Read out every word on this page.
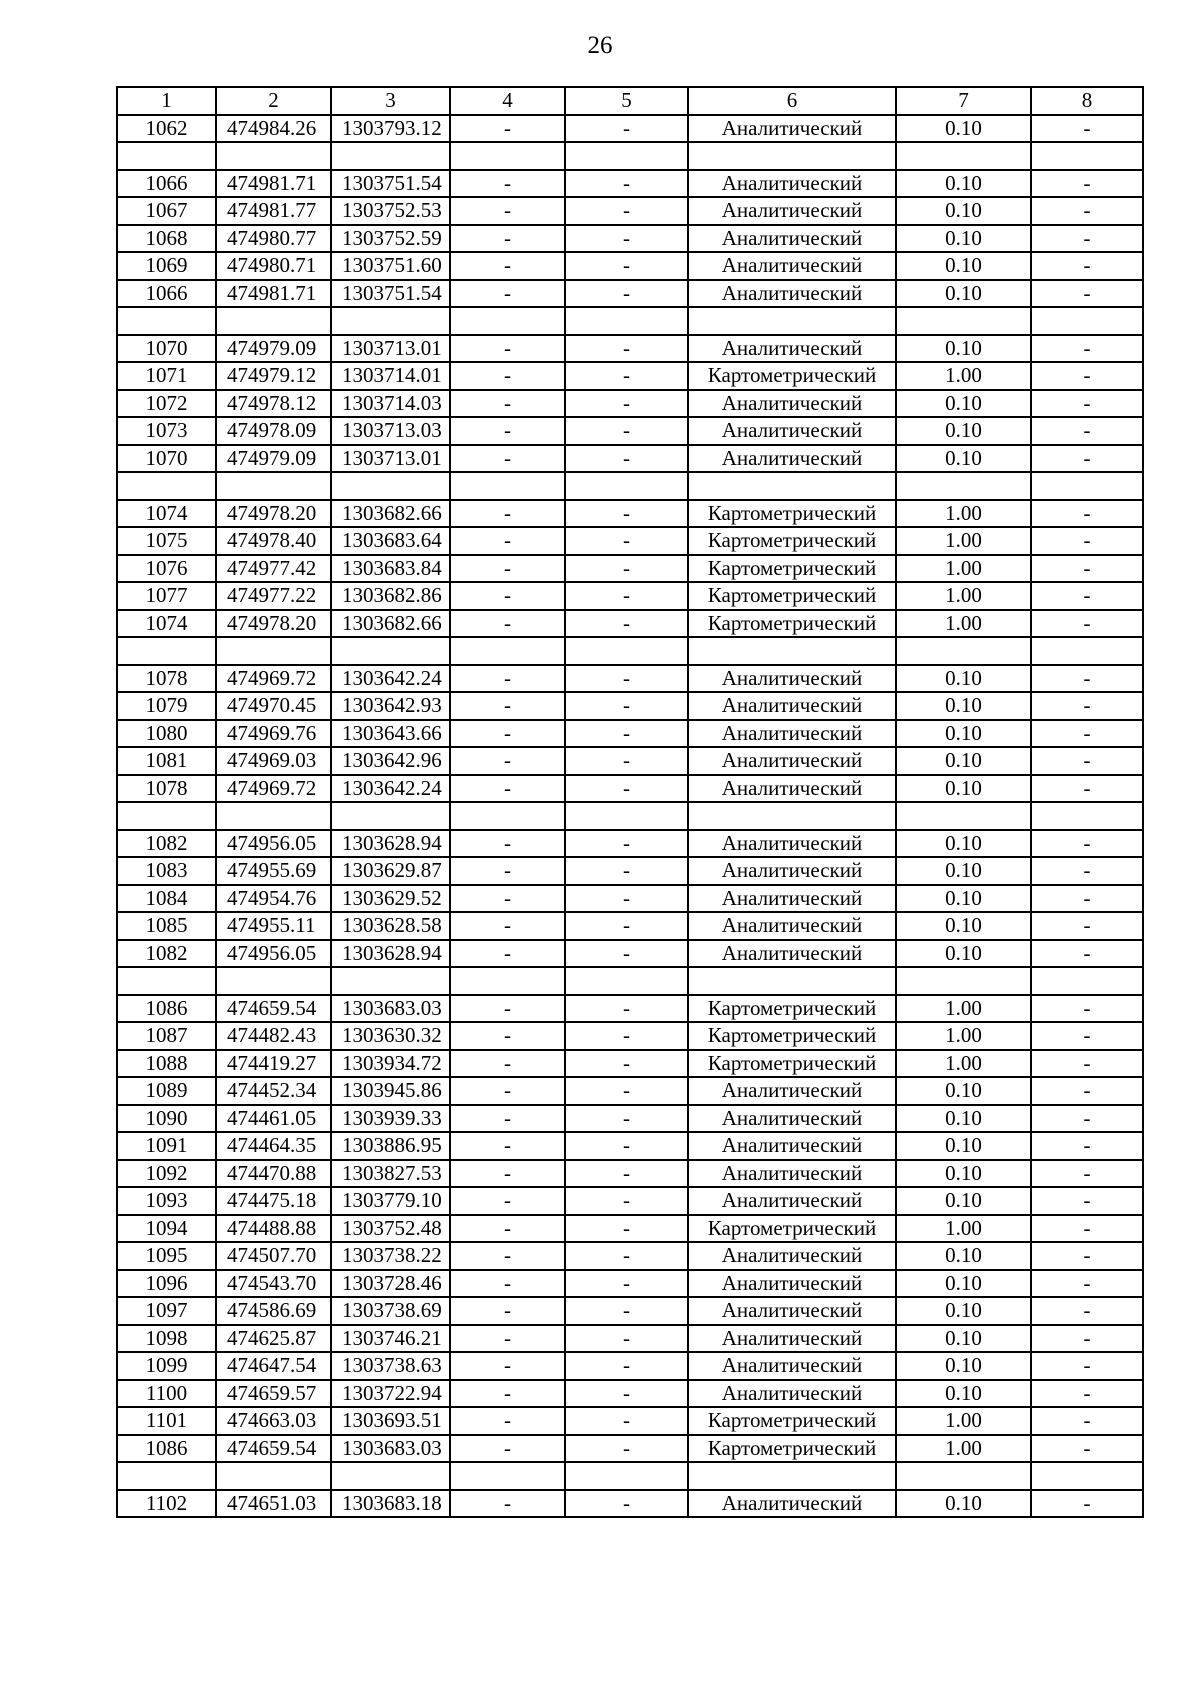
26
1	2	3	4	5	6	7	8
1062	474984.26	1303793.12	-	-	Аналитический	0.10	-

1066	474981.71	1303751.54	-	-	Аналитический	0.10	-
1067	474981.77	1303752.53	-	-	Аналитический	0.10	-
1068	474980.77	1303752.59	-	-	Аналитический	0.10	-
1069	474980.71	1303751.60	-	-	Аналитический	0.10	-
1066	474981.71	1303751.54	-	-	Аналитический	0.10	-

1070	474979.09	1303713.01	-	-	Аналитический	0.10	-
1071	474979.12	1303714.01	-	-	Картометрический	1.00	-
1072	474978.12	1303714.03	-	-	Аналитический	0.10	-
1073	474978.09	1303713.03	-	-	Аналитический	0.10	-
1070	474979.09	1303713.01	-	-	Аналитический	0.10	-

1074	474978.20	1303682.66	-	-	Картометрический	1.00	-
1075	474978.40	1303683.64	-	-	Картометрический	1.00	-
1076	474977.42	1303683.84	-	-	Картометрический	1.00	-
1077	474977.22	1303682.86	-	-	Картометрический	1.00	-
1074	474978.20	1303682.66	-	-	Картометрический	1.00	-

1078	474969.72	1303642.24	-	-	Аналитический	0.10	-
1079	474970.45	1303642.93	-	-	Аналитический	0.10	-
1080	474969.76	1303643.66	-	-	Аналитический	0.10	-
1081	474969.03	1303642.96	-	-	Аналитический	0.10	-
1078	474969.72	1303642.24	-	-	Аналитический	0.10	-

1082	474956.05	1303628.94	-	-	Аналитический	0.10	-
1083	474955.69	1303629.87	-	-	Аналитический	0.10	-
1084	474954.76	1303629.52	-	-	Аналитический	0.10	-
1085	474955.11	1303628.58	-	-	Аналитический	0.10	-
1082	474956.05	1303628.94	-	-	Аналитический	0.10	-

1086	474659.54	1303683.03	-	-	Картометрический	1.00	-
1087	474482.43	1303630.32	-	-	Картометрический	1.00	-
1088	474419.27	1303934.72	-	-	Картометрический	1.00	-
1089	474452.34	1303945.86	-	-	Аналитический	0.10	-
1090	474461.05	1303939.33	-	-	Аналитический	0.10	-
1091	474464.35	1303886.95	-	-	Аналитический	0.10	-
1092	474470.88	1303827.53	-	-	Аналитический	0.10	-
1093	474475.18	1303779.10	-	-	Аналитический	0.10	-
1094	474488.88	1303752.48	-	-	Картометрический	1.00	-
1095	474507.70	1303738.22	-	-	Аналитический	0.10	-
1096	474543.70	1303728.46	-	-	Аналитический	0.10	-
1097	474586.69	1303738.69	-	-	Аналитический	0.10	-
1098	474625.87	1303746.21	-	-	Аналитический	0.10	-
1099	474647.54	1303738.63	-	-	Аналитический	0.10	-
1100	474659.57	1303722.94	-	-	Аналитический	0.10	-
1101	474663.03	1303693.51	-	-	Картометрический	1.00	-
1086	474659.54	1303683.03	-	-	Картометрический	1.00	-

1102	474651.03	1303683.18	-	-	Аналитический	0.10	-
